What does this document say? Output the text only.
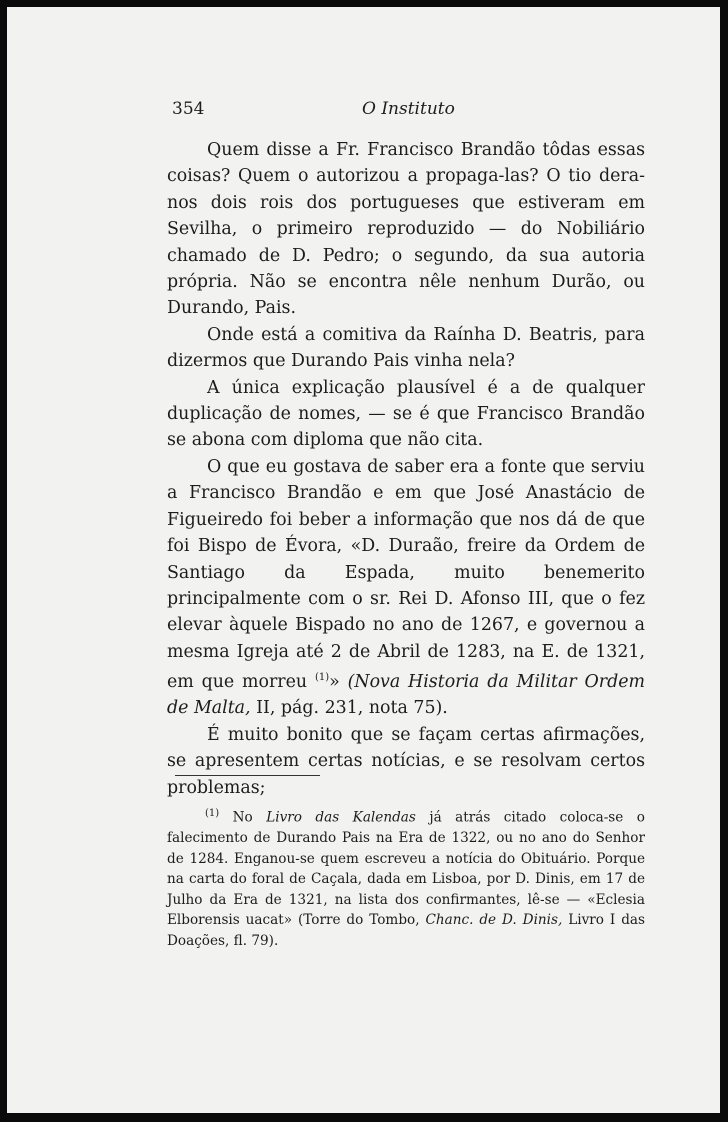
354	O Instituto

Quem disse a Fr. Francisco Brandão tôdas essas coisas? Quem o autorizou a propaga-las? O tio dera-nos dois rois dos portugueses que estiveram em Sevilha, o primeiro reproduzido — do Nobiliário chamado de D. Pedro; o segundo, da sua autoria própria. Não se encontra nêle nenhum Durão, ou Durando, Pais.

Onde está a comitiva da Raínha D. Beatris, para dizermos que Durando Pais vinha nela?

A única explicação plausível é a de qualquer duplicação de nomes, — se é que Francisco Brandão se abona com diploma que não cita.

O que eu gostava de saber era a fonte que serviu a Francisco Brandão e em que José Anastácio de Figueiredo foi beber a informação que nos dá de que foi Bispo de Évora, «D. Duraão, freire da Ordem de Santiago da Espada, muito benemerito principalmente com o sr. Rei D. Afonso III, que o fez elevar àquele Bispado no ano de 1267, e governou a mesma Igreja até 2 de Abril de 1283, na E. de 1321, em que morreu $^{(1)}$» (Nova Historia da Militar Ordem de Malta, II, pág. 231, nota 75).

É muito bonito que se façam certas afirmações, se apresentem certas notícias, e se resolvam certos problemas;

$^{(1)}$ No Livro das Kalendas já atrás citado coloca-se o falecimento de Durando Pais na Era de 1322, ou no ano do Senhor de 1284. Enganou-se quem escreveu a notícia do Obituário. Porque na carta do foral de Caçala, dada em Lisboa, por D. Dinis, em 17 de Julho da Era de 1321, na lista dos confirmantes, lê-se — «Eclesia Elborensis uacat» (Torre do Tombo, Chanc. de D. Dinis, Livro I das Doações, fl. 79).
